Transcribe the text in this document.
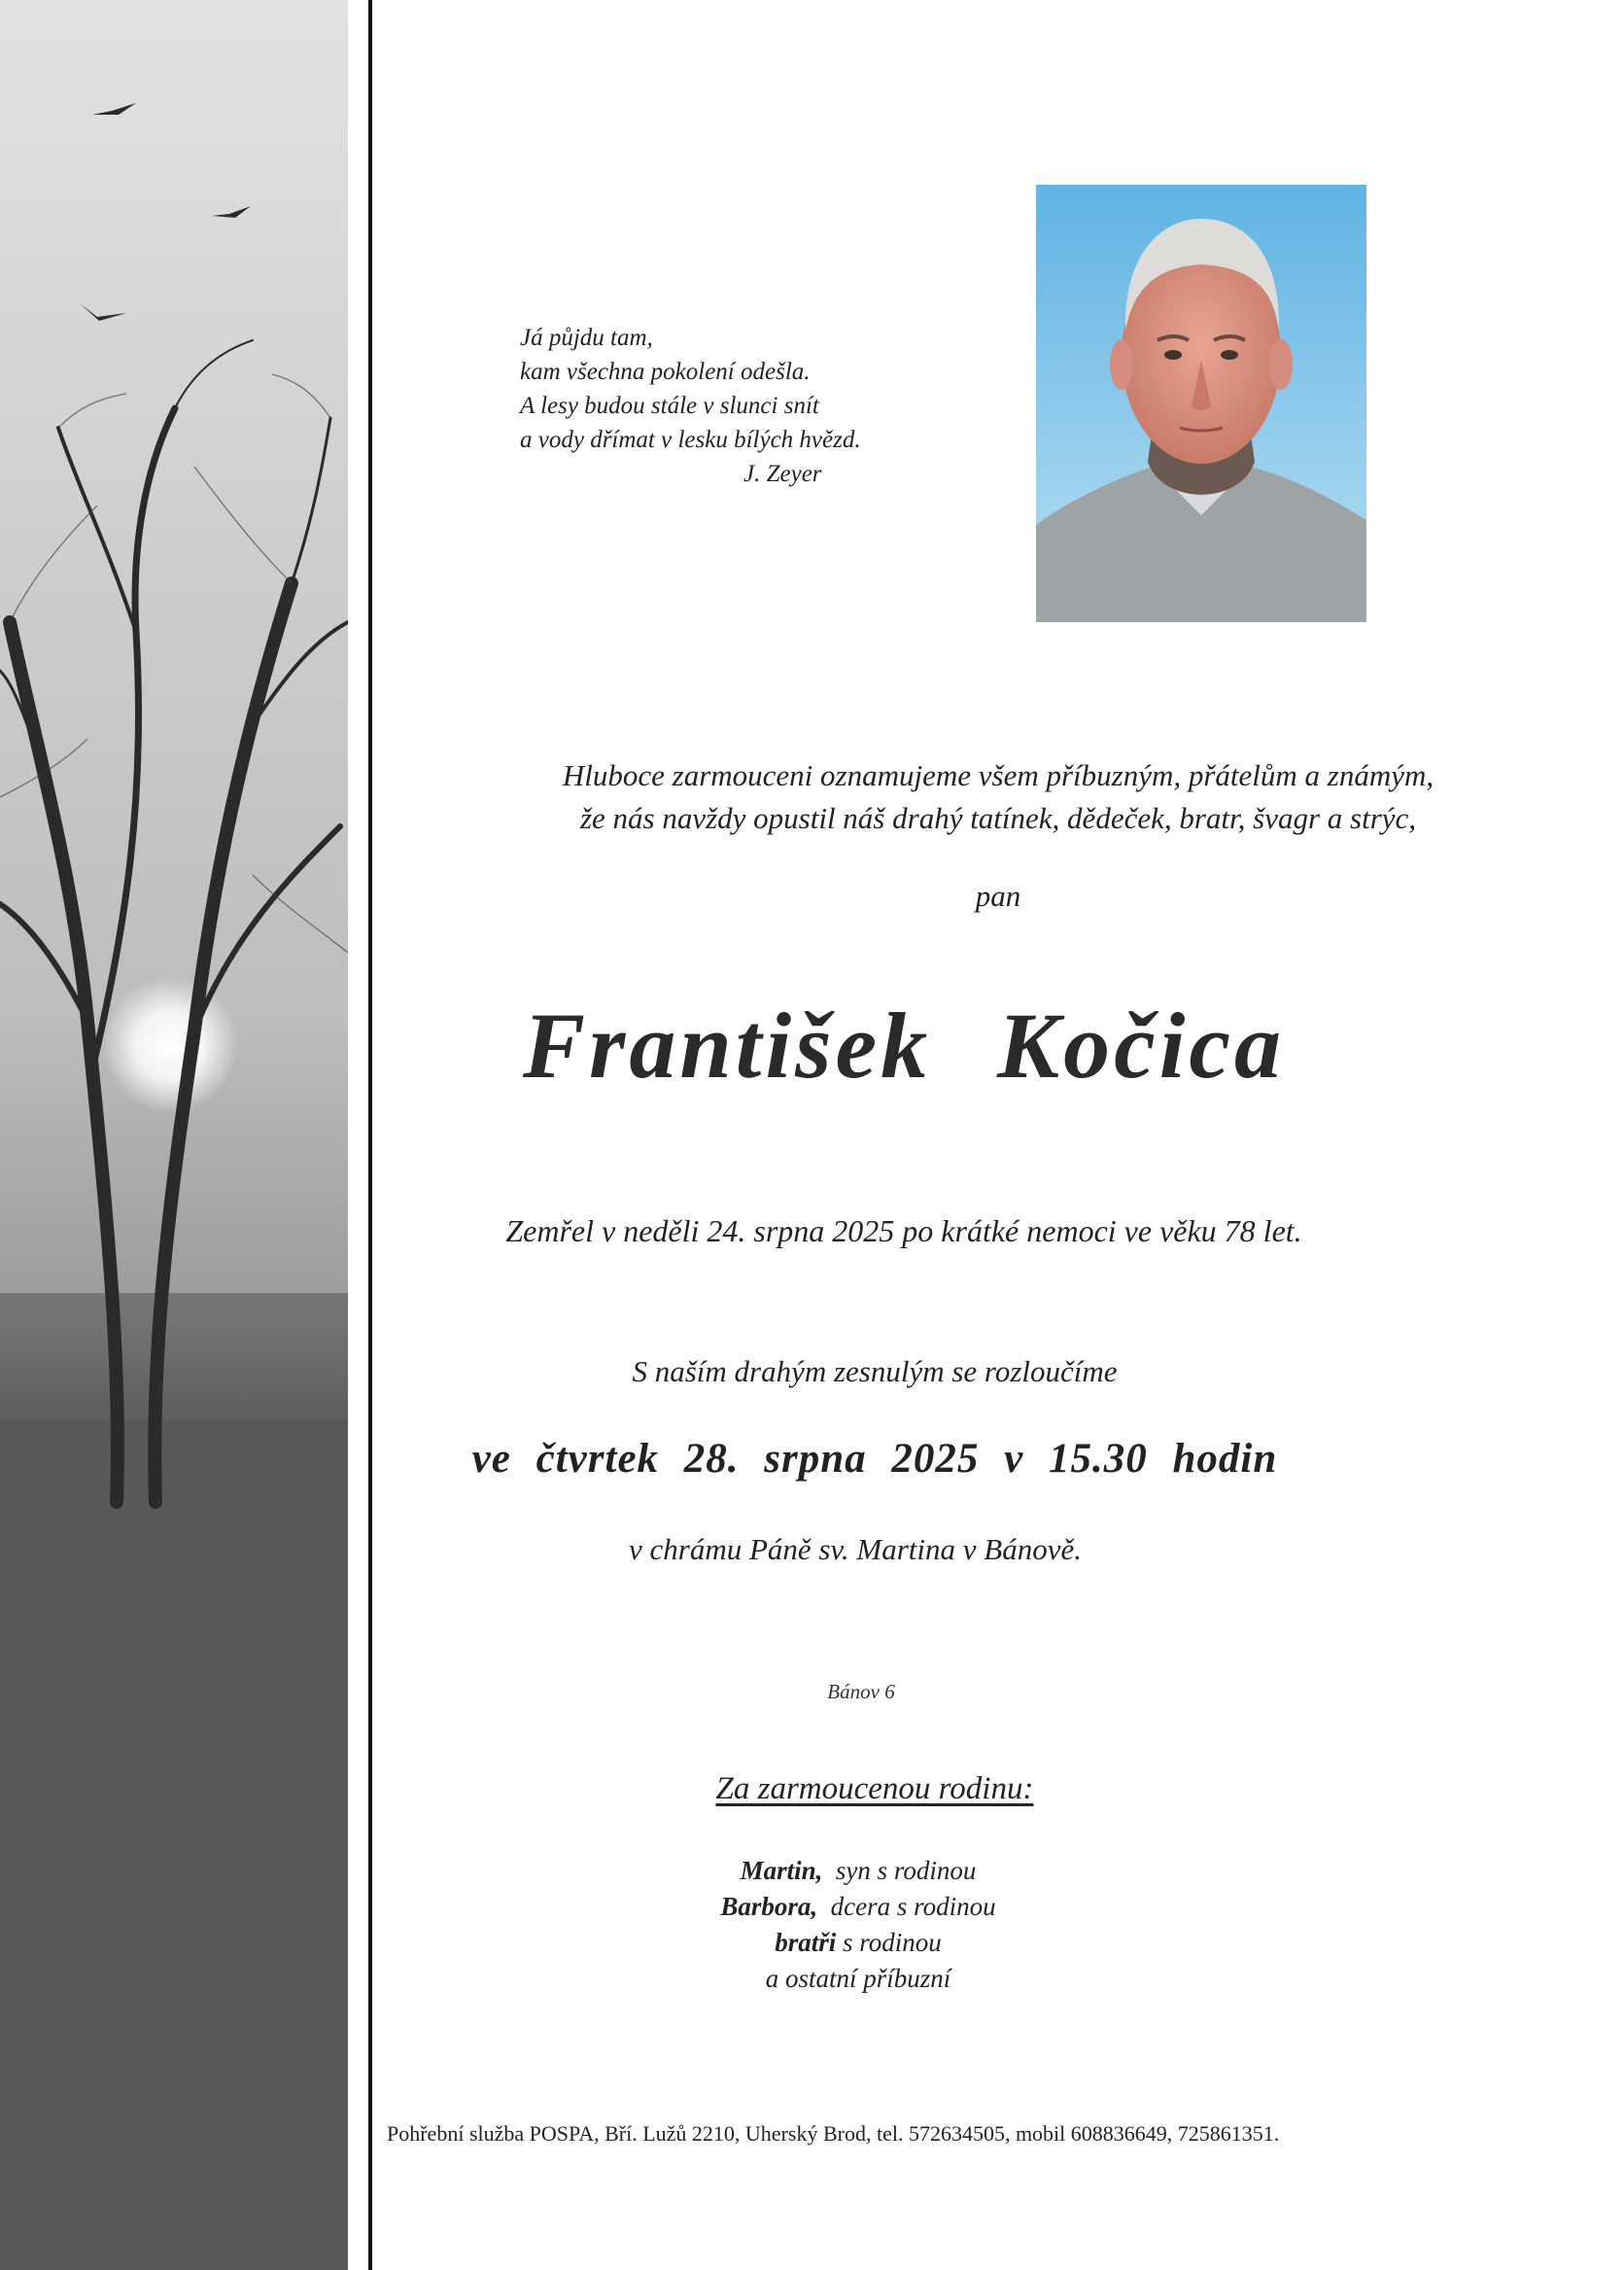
Já půjdu tam,
kam všechna pokolení odešla.
A lesy budou stále v slunci snít
a vody dřímat v lesku bílých hvězd.
J. Zeyer
Hluboce zarmouceni oznamujeme všem příbuzným, přátelům a známým,
že nás navždy opustil náš drahý tatínek, dědeček, bratr, švagr a strýc,
pan
František Kočica
Zemřel v neděli 24. srpna 2025 po krátké nemoci ve věku 78 let.
S naším drahým zesnulým se rozloučíme
ve čtvrtek 28. srpna 2025 v 15.30 hodin
v chrámu Páně sv. Martina v Bánově.
Bánov 6
Za zarmoucenou rodinu:
Martin, syn s rodinou
Barbora, dcera s rodinou
bratři s rodinou
a ostatní příbuzní
Pohřební služba POSPA, Bří. Lužů 2210, Uherský Brod, tel. 572634505, mobil 608836649, 725861351.
